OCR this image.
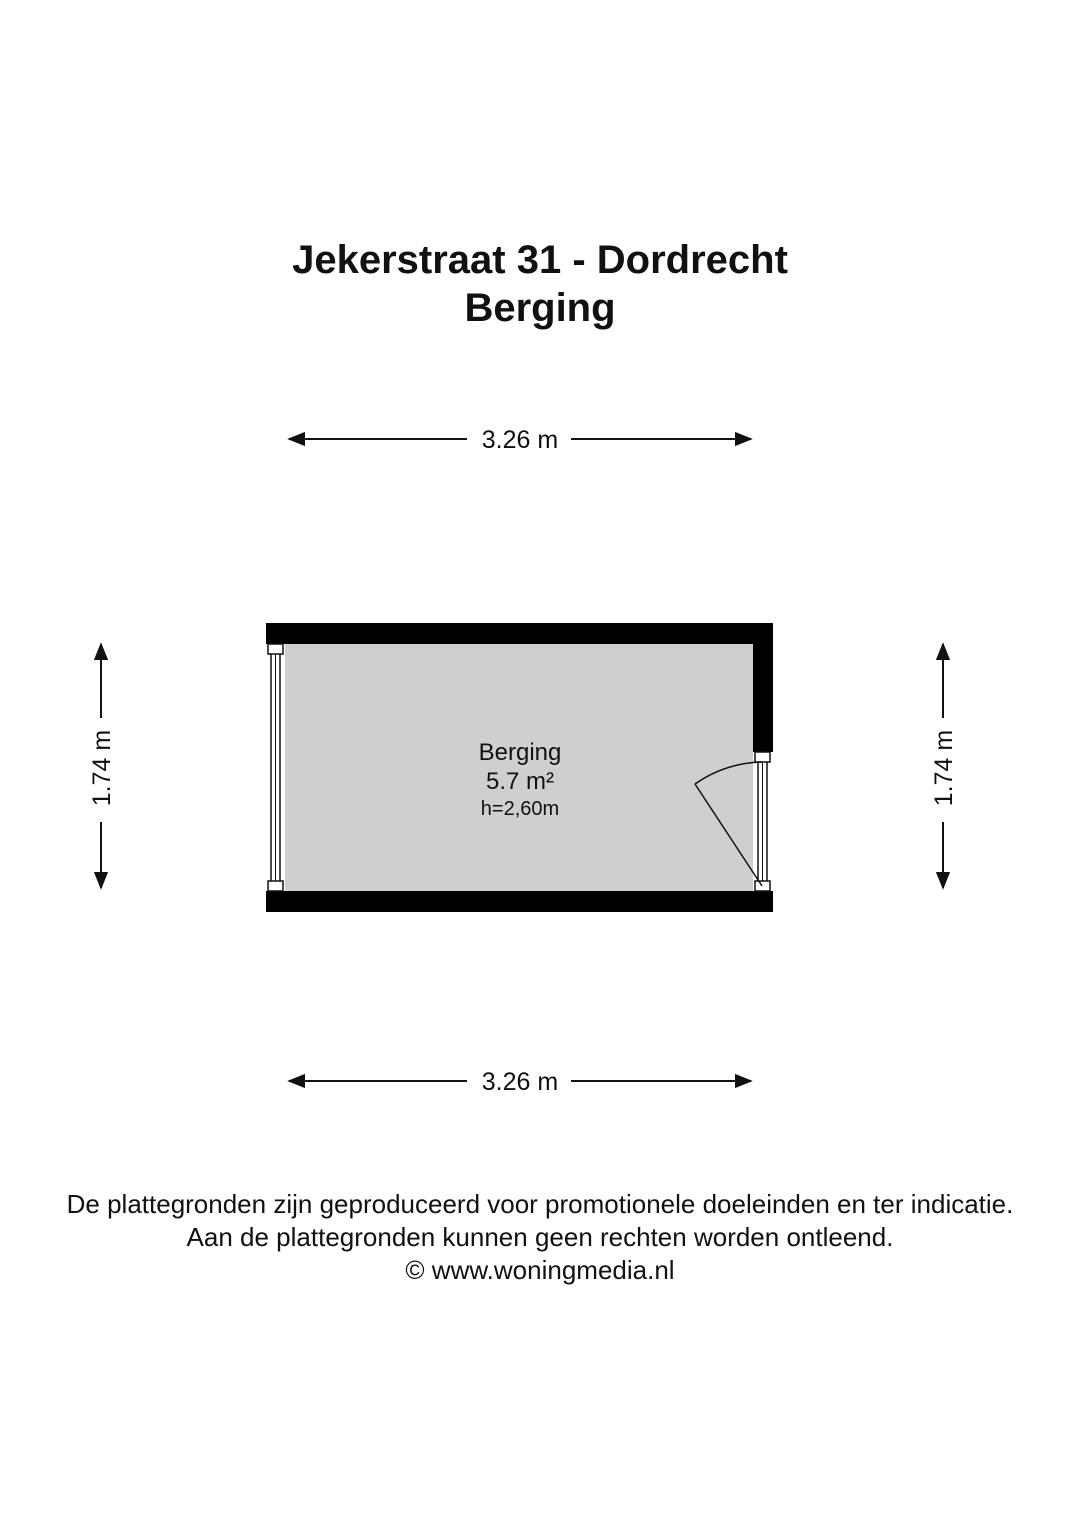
Jekerstraat 31 - Dordrecht
Berging
3.26 m
3.26 m
1.74 m	1.74 m
Berging
5.7 m²
h=2,60m
De plattegronden zijn geproduceerd voor promotionele doeleinden en ter indicatie.
Aan de plattegronden kunnen geen rechten worden ontleend.
© www.woningmedia.nl
